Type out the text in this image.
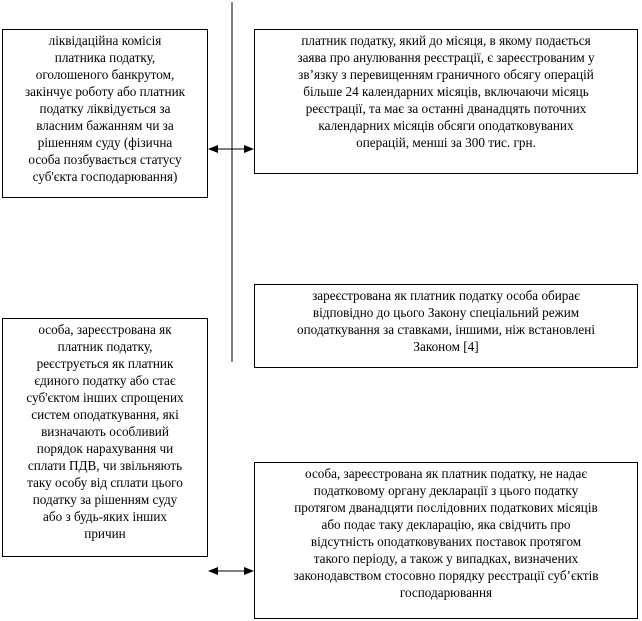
ліквідаційна комісія
платника податку,
оголошеного банкрутом,
закінчує роботу або платник
податку ліквідується за
власним бажанням чи за
рішенням суду (фізична
особа позбувається статусу
суб'єкта господарювання)
платник податку, який до місяця, в якому подається
заява про анулювання реєстрації, є зареєстрованим у
зв’язку з перевищенням граничного обсягу операцій
більше 24 календарних місяців, включаючи місяць
реєстрації, та має за останні дванадцять поточних
календарних місяців обсяги оподатковуваних
операцій, менші за 300 тис. грн.
зареєстрована як платник податку особа обирає
відповідно до цього Закону спеціальний режим
оподаткування за ставками, іншими, ніж встановлені
Законом [4]
особа, зареєстрована як
платник податку,
реєструється як платник
єдиного податку або стає
суб'єктом інших спрощених
систем оподаткування, які
визначають особливий
порядок нарахування чи
сплати ПДВ, чи звільняють
таку особу від сплати цього
податку за рішенням суду
або з будь-яких інших
причин
особа, зареєстрована як платник податку, не надає
податковому органу декларації з цього податку
протягом дванадцяти послідовних податкових місяців
або подає таку декларацію, яка свідчить про
відсутність оподатковуваних поставок протягом
такого періоду, а також у випадках, визначених
законодавством стосовно порядку реєстрації суб’єктів
господарювання
